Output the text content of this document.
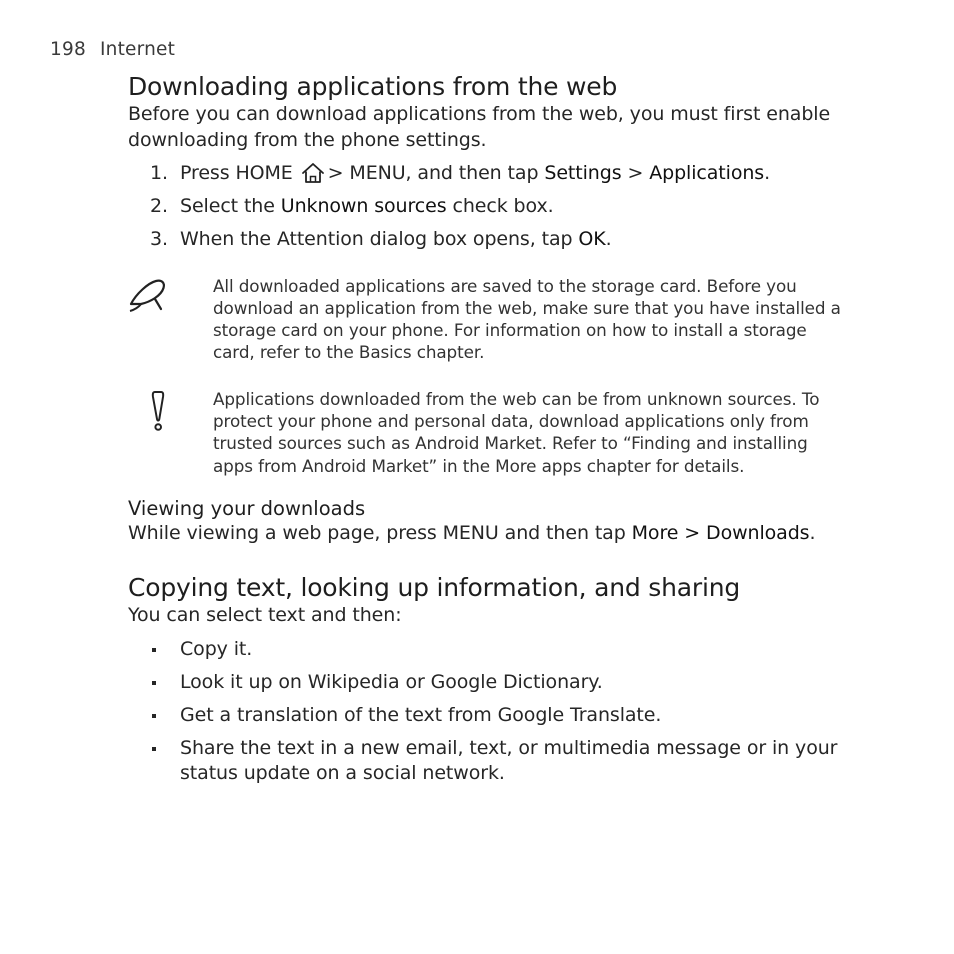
198 Internet
Downloading applications from the web

Before you can download applications from the web, you must first enable downloading from the phone settings.

1. Press HOME > MENU, and then tap Settings > Applications.
2. Select the Unknown sources check box.
3. When the Attention dialog box opens, tap OK.
All downloaded applications are saved to the storage card. Before you download an application from the web, make sure that you have installed a storage card on your phone. For information on how to install a storage card, refer to the Basics chapter.
Applications downloaded from the web can be from unknown sources. To protect your phone and personal data, download applications only from trusted sources such as Android Market. Refer to “Finding and installing apps from Android Market” in the More apps chapter for details.
Viewing your downloads

While viewing a web page, press MENU and then tap More > Downloads.

Copying text, looking up information, and sharing

You can select text and then:

Copy it.
Look it up on Wikipedia or Google Dictionary.
Get a translation of the text from Google Translate.
Share the text in a new email, text, or multimedia message or in your status update on a social network.
